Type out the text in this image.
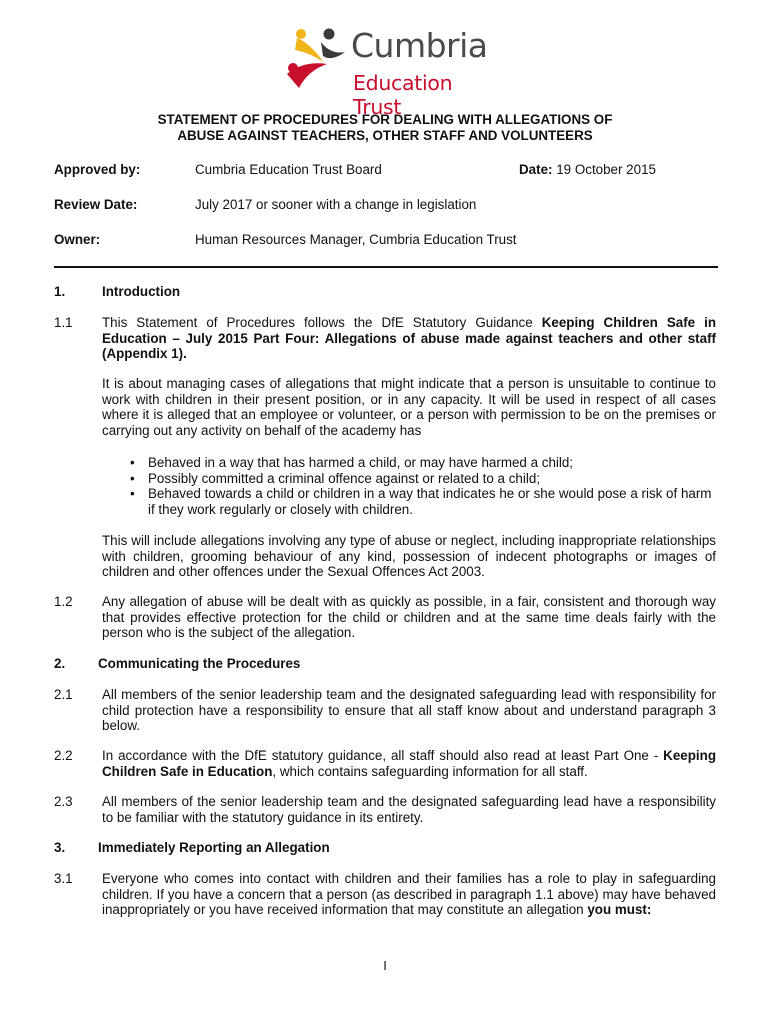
Cumbria
Education Trust
STATEMENT OF PROCEDURES FOR DEALING WITH ALLEGATIONS OF
ABUSE AGAINST TEACHERS, OTHER STAFF AND VOLUNTEERS
Approved by:	Cumbria Education Trust Board	Date: 19 October 2015
Review Date:	July 2017 or sooner with a change in legislation
Owner:	Human Resources Manager, Cumbria Education Trust
1.	Introduction
1.1 This Statement of Procedures follows the DfE Statutory Guidance Keeping Children Safe in Education – July 2015 Part Four: Allegations of abuse made against teachers and other staff (Appendix 1).
It is about managing cases of allegations that might indicate that a person is unsuitable to continue to work with children in their present position, or in any capacity. It will be used in respect of all cases where it is alleged that an employee or volunteer, or a person with permission to be on the premises or carrying out any activity on behalf of the academy has
• Behaved in a way that has harmed a child, or may have harmed a child;
• Possibly committed a criminal offence against or related to a child;
• Behaved towards a child or children in a way that indicates he or she would pose a risk of harm if they work regularly or closely with children.
This will include allegations involving any type of abuse or neglect, including inappropriate relationships with children, grooming behaviour of any kind, possession of indecent photographs or images of children and other offences under the Sexual Offences Act 2003.
1.2 Any allegation of abuse will be dealt with as quickly as possible, in a fair, consistent and thorough way that provides effective protection for the child or children and at the same time deals fairly with the person who is the subject of the allegation.
2. Communicating the Procedures
2.1 All members of the senior leadership team and the designated safeguarding lead with responsibility for child protection have a responsibility to ensure that all staff know about and understand paragraph 3 below.
2.2 In accordance with the DfE statutory guidance, all staff should also read at least Part One - Keeping Children Safe in Education, which contains safeguarding information for all staff.
2.3 All members of the senior leadership team and the designated safeguarding lead have a responsibility to be familiar with the statutory guidance in its entirety.
3. Immediately Reporting an Allegation
3.1 Everyone who comes into contact with children and their families has a role to play in safeguarding children. If you have a concern that a person (as described in paragraph 1.1 above) may have behaved inappropriately or you have received information that may constitute an allegation you must:
I
